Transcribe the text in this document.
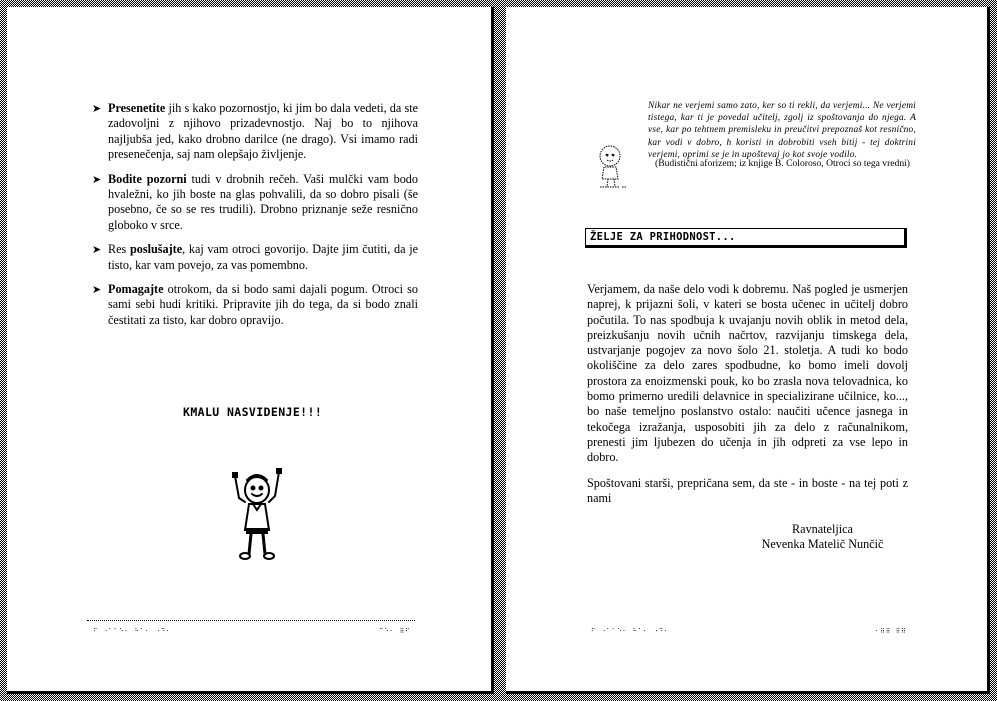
➤ Presenetite jih s kako pozornostjo, ki jim bo dala vedeti, da ste zadovoljni z njihovo prizadevnostjo. Naj bo to njihova najljubša jed, kako drobno darilce (ne drago). Vsi imamo radi presenečenja, saj nam olepšajo življenje.
➤ Bodite pozorni tudi v drobnih rečeh. Vaši mulčki vam bodo hvaležni, ko jih boste na glas pohvalili, da so dobro pisali (še posebno, če so se res trudili). Drobno priznanje seže resnično globoko v srce.
➤ Res poslušajte, kaj vam otroci govorijo. Dajte jim čutiti, da je tisto, kar vam povejo, za vas pomembno.
➤ Pomagajte otrokom, da si bodo sami dajali pogum. Otroci so sami sebi hudi kritiki. Pripravite jih do tega, da si bodo znali čestitati za tisto, kar dobro opravijo.
KMALU NASVIDENJE!!!
⠋ ⠐⠁⠁⠑⠂ ⠓⠁⠂ ⠐⠙⠂	⠉⠑⠂ ⠿⠋
Nikar ne verjemi samo zato, ker so ti rekli, da verjemi... Ne verjemi tistega, kar ti je povedal učitelj, zgolj iz spoštovanja do njega. A vse, kar po tehtnem premisleku in preučitvi prepoznaš kot resnično, kar vodi v dobro, h koristi in dobrobiti vseh bitij - tej doktrini verjemi, oprimi se je in upoštevaj jo kot svoje vodilo.
(Budistični aforizem; iz knjige B. Coloroso, Otroci so tega vredni)
ŽELJE ZA PRIHODNOST...

Verjamem, da naše delo vodi k dobremu. Naš pogled je usmerjen naprej, k prijazni šoli, v kateri se bosta učenec in učitelj dobro počutila. To nas spodbuja k uvajanju novih oblik in metod dela, preizkušanju novih učnih načrtov, razvijanju timskega dela, ustvarjanje pogojev za novo šolo 21. stoletja. A tudi ko bodo okoliščine za delo zares spodbudne, ko bomo imeli dovolj prostora za enoizmenski pouk, ko bo zrasla nova telovadnica, ko bomo primerno uredili delavnice in specializirane učilnice, ko..., bo naše temeljno poslanstvo ostalo: naučiti učence jasnega in tekočega izražanja, usposobiti jih za delo z računalnikom, prenesti jim ljubezen do učenja in jih odpreti za vse lepo in dobro.

Spoštovani starši, prepričana sem, da ste - in boste - na tej poti z nami

Ravnateljica
Nevenka Matelič Nunčič
⠋ ⠐⠁⠁⠑⠂ ⠓⠁⠂ ⠐⠙⠂	⠂⠿⠿ ⠿⠿
